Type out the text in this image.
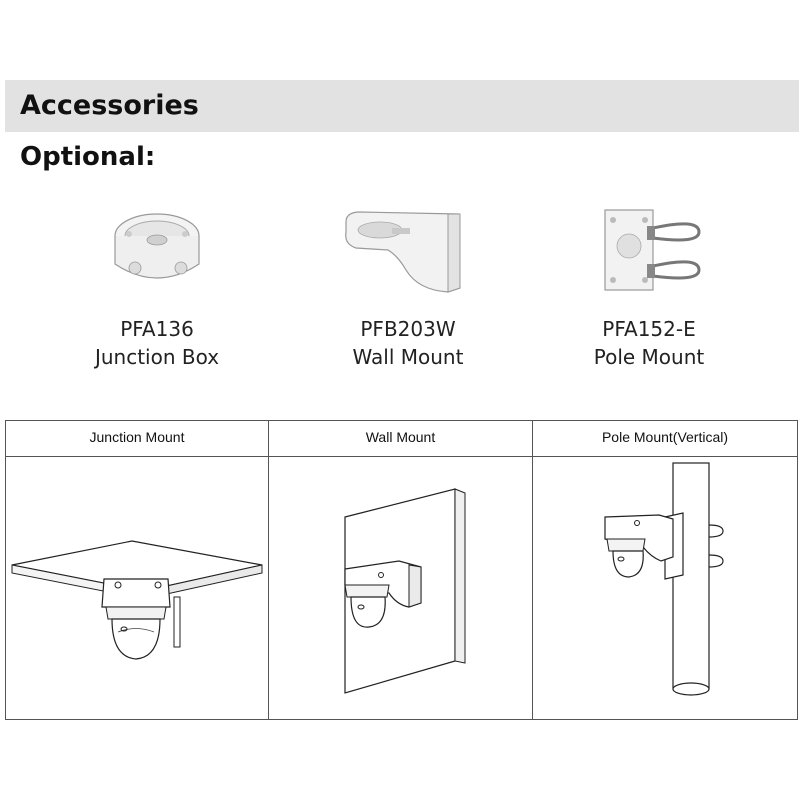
Accessories
Optional:
PFA136
Junction Box
PFB203W
Wall Mount
PFA152-E
Pole Mount
Junction Mount	Wall Mount	Pole Mount(Vertical)
